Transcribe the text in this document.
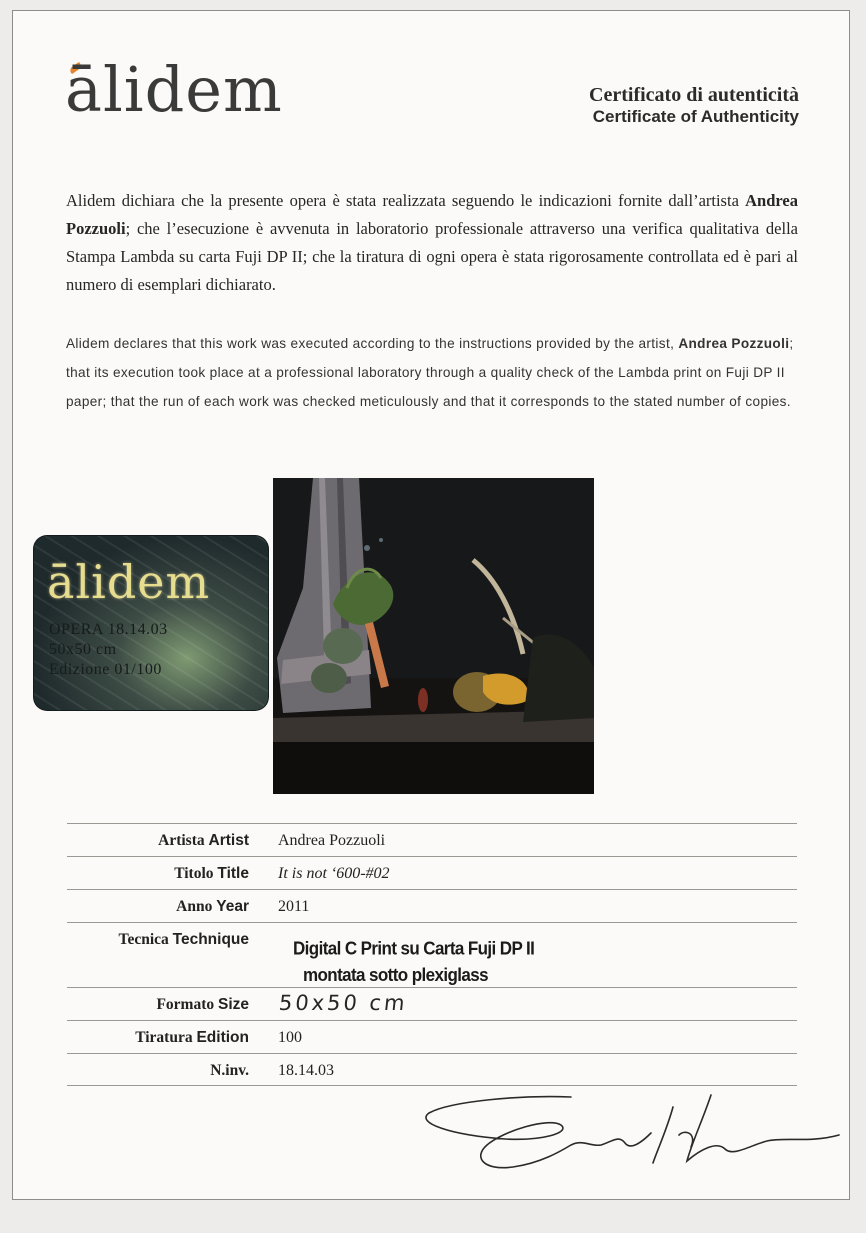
ālidem	Certificato di autenticità
Certificate of Authenticity

Alidem dichiara che la presente opera è stata realizzata seguendo le indicazioni fornite dall’artista Andrea Pozzuoli; che l’esecuzione è avvenuta in laboratorio professionale attraverso una verifica qualitativa della Stampa Lambda su carta Fuji DP II; che la tiratura di ogni opera è stata rigorosamente controllata ed è pari al numero di esemplari dichiarato.

Alidem declares that this work was executed according to the instructions provided by the artist, Andrea Pozzuoli; that its execution took place at a professional laboratory through a quality check of the Lambda print on Fuji DP II paper; that the run of each work was checked meticulously and that it corresponds to the stated number of copies.

ālidem
OPERA 18.14.03
50x50 cm
Edizione 01/100
Artista Artist Andrea Pozzuoli
Titolo Title It is not ‘600-#02
Anno Year 2011
Tecnica Technique	Digital C Print su Carta Fuji DP II
montata sotto plexiglass
Formato Size 50x50 cm
Tiratura Edition 100
N.inv. 18.14.03
